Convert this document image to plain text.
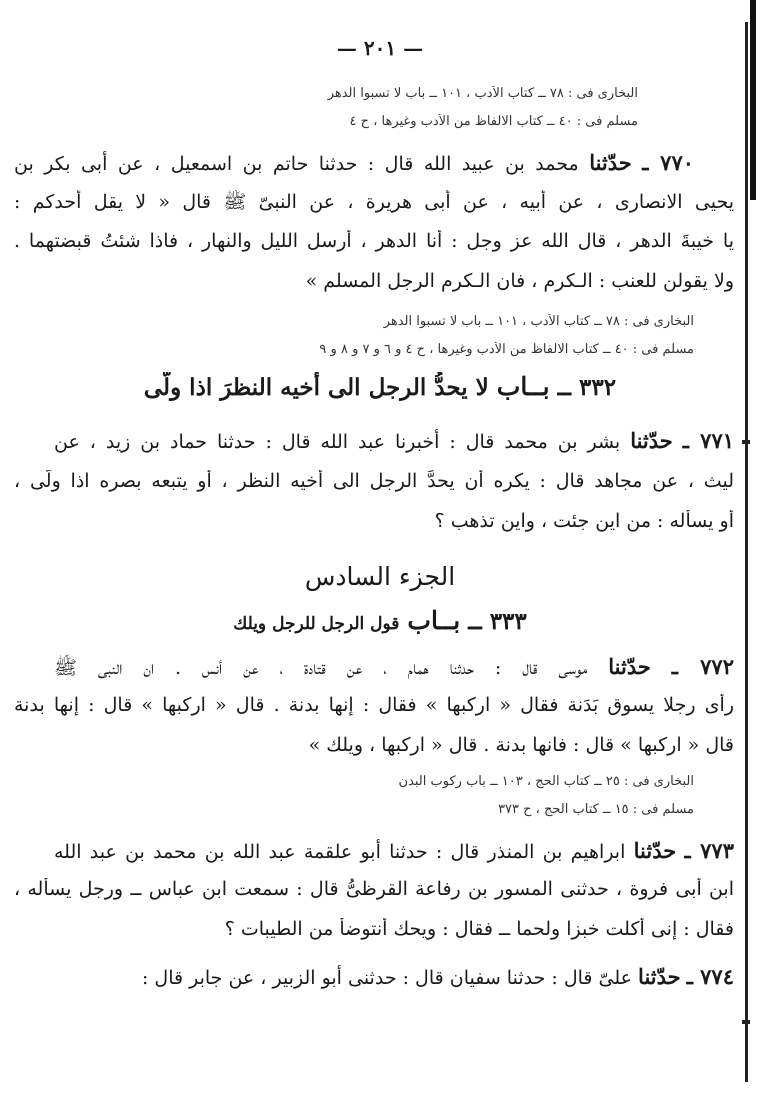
— ٢٠١ —
البخارى فى : ٧٨ ــ كتاب الأدب ، ١٠١ ــ باب لا تسبوا الدهر
مسلم فى : ٤٠ ــ كتاب الالفاظ من الأدب وغيرها ، ح ٤
٧٧٠ ـ حدّثنا محمد بن عبيد الله قال : حدثنا حاتم بن اسمعيل ، عن أبى بكر بن
يحيى الانصارى ، عن أبيه ، عن أبى هريرة ، عن النبىّ ﷺ قال « لا يقل أحدكم :
يا خيبةَ الدهر ، قال الله عز وجل : أنا الدهر ، أرسل الليل والنهار ، فاذا شئتُ قبضتهما .
ولا يقولن للعنب : الـكرم ، فان الـكرم الرجل المسلم »
البخارى فى : ٧٨ ــ كتاب الأدب ، ١٠١ ــ باب لا تسبوا الدهر
مسلم فى : ٤٠ ــ كتاب الالفاظ من الأدب وغيرها ، ح ٤ و ٦ و ٧ و ٨ و ٩
٣٣٢ ــ بــاب لا يحدُّ الرجل الى أخيه النظرَ اذا ولّى
٧٧١ ـ حدّثنا بشر بن محمد قال : أخبرنا عبد الله قال : حدثنا حماد بن زيد ، عن
ليث ، عن مجاهد قال : يكره أن يحدَّ الرجل الى أخيه النظر ، أو يتبعه بصره اذا ولّى ،
أو يسأله : من اين جئت ، واين تذهب ؟
الجزء السادس
٣٣٣ ــ بــاب قول الرجل للرجل ويلك
٧٧٢ ـ حدّثنا موسى قال : حدثنا همام ، عن قتادة ، عن أنس . ان النبى ﷺ
رأى رجلا يسوق بَدَنة فقال « اركبها » فقال : إنها بدنة . قال « اركبها » قال : إنها بدنة
قال « اركبها » قال : فانها بدنة . قال « اركبها ، ويلك »
البخارى فى : ٢٥ ــ كتاب الحج ، ١٠٣ ــ باب ركوب البدن
مسلم فى : ١٥ ــ كتاب الحج ، ح ٣٧٣
٧٧٣ ـ حدّثنا ابراهيم بن المنذر قال : حدثنا أبو علقمة عبد الله بن محمد بن عبد الله
ابن أبى فروة ، حدثنى المسور بن رفاعة القرظىُّ قال : سمعت ابن عباس ــ ورجل يسأله ،
فقال : إنى أكلت خبزا ولحما ــ فقال : ويحك أنتوضأ من الطيبات ؟
٧٧٤ ـ حدّثنا علىّ قال : حدثنا سفيان قال : حدثنى أبو الزبير ، عن جابر قال :
